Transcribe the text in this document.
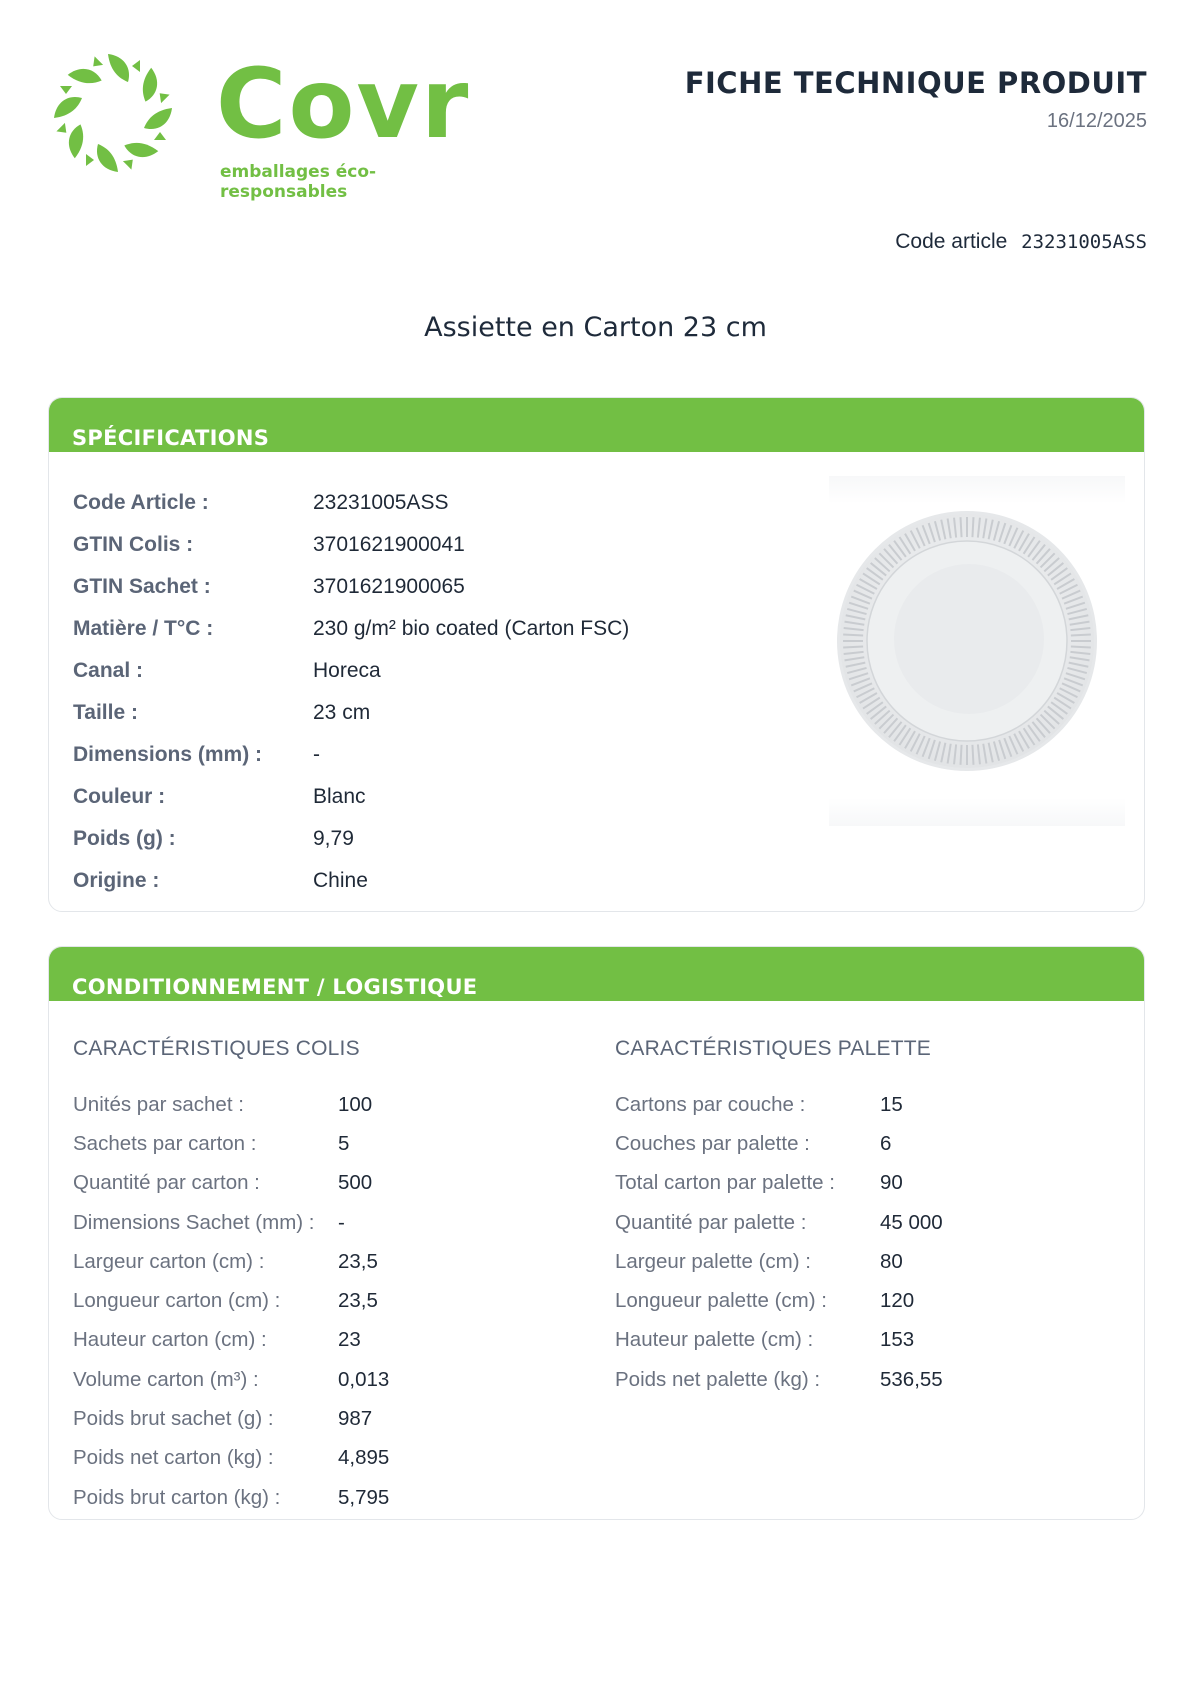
Covr
emballages éco-responsables
FICHE TECHNIQUE PRODUIT
16/12/2025
Code article 23231005ASS
Assiette en Carton 23 cm
SPÉCIFICATIONS
Code Article :	23231005ASS
GTIN Colis :	3701621900041
GTIN Sachet :	3701621900065
Matière / T°C :	230 g/m² bio coated (Carton FSC)
Canal :	Horeca
Taille :	23 cm
Dimensions (mm) :	-
Couleur :	Blanc
Poids (g) :	9,79
Origine :	Chine
CONDITIONNEMENT / LOGISTIQUE
CARACTÉRISTIQUES COLIS
Unités par sachet :	100
Sachets par carton :	5
Quantité par carton :	500
Dimensions Sachet (mm) :	-
Largeur carton (cm) :	23,5
Longueur carton (cm) :	23,5
Hauteur carton (cm) :	23
Volume carton (m³) :	0,013
Poids brut sachet (g) :	987
Poids net carton (kg) :	4,895
Poids brut carton (kg) :	5,795
CARACTÉRISTIQUES PALETTE
Cartons par couche :	15
Couches par palette :	6
Total carton par palette :	90
Quantité par palette :	45 000
Largeur palette (cm) :	80
Longueur palette (cm) :	120
Hauteur palette (cm) :	153
Poids net palette (kg) :	536,55
